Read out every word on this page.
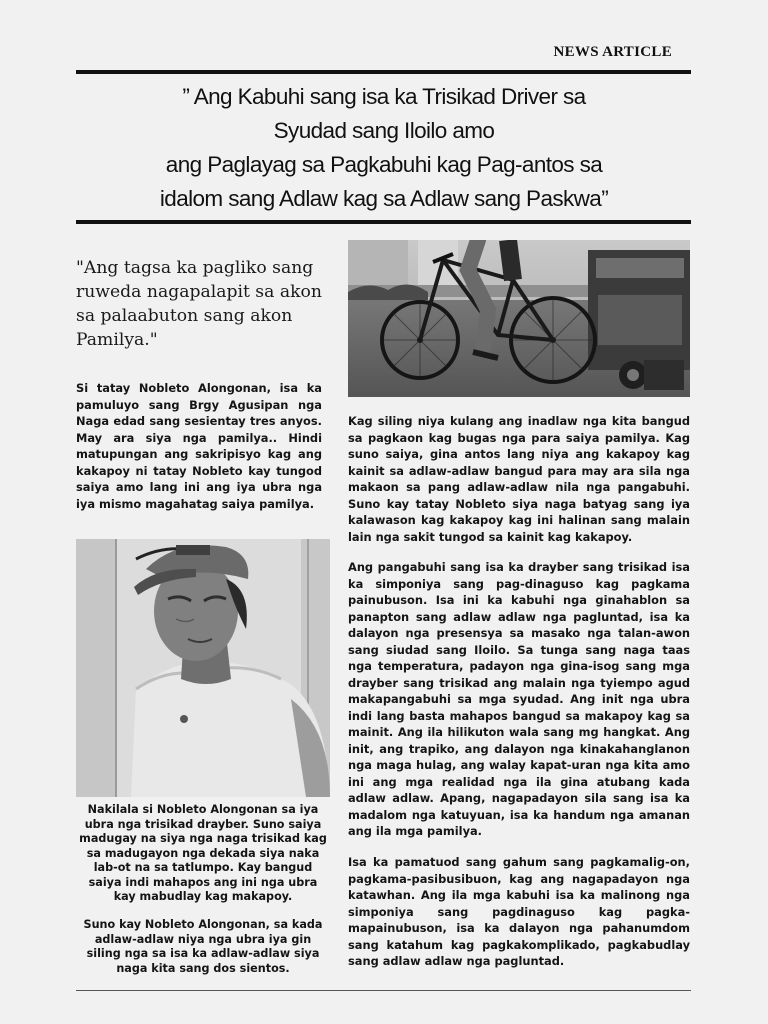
NEWS ARTICLE
” Ang Kabuhi sang isa ka Trisikad Driver sa
Syudad sang Iloilo amo
ang Paglayag sa Pagkabuhi kag Pag-antos sa
idalom sang Adlaw kag sa Adlaw sang Paskwa”
"Ang tagsa ka pagliko sang ruweda nagapalapit sa akon sa palaabuton sang akon Pamilya."
Si tatay Nobleto Alongonan, isa ka pamuluyo sang Brgy Agusipan nga Naga edad sang sesientay tres anyos. May ara siya nga pamilya.. Hindi matupungan ang sakripisyo kag ang kakapoy ni tatay Nobleto kay tungod saiya amo lang ini ang iya ubra nga iya mismo magahatag saiya pamilya.
Nakilala si Nobleto Alongonan sa iya ubra nga trisikad drayber. Suno saiya madugay na siya nga naga trisikad kag sa madugayon nga dekada siya naka lab-ot na sa tatlumpo. Kay bangud saiya indi mahapos ang ini nga ubra kay mabudlay kag makapoy.
Suno kay Nobleto Alongonan, sa kada adlaw-adlaw niya nga ubra iya gin siling nga sa isa ka adlaw-adlaw siya naga kita sang dos sientos.
Kag siling niya kulang ang inadlaw nga kita bangud sa pagkaon kag bugas nga para saiya pamilya. Kag suno saiya, gina antos lang niya ang kakapoy kag kainit sa adlaw-adlaw bangud para may ara sila nga makaon sa pang adlaw-adlaw nila nga pangabuhi. Suno kay tatay Nobleto siya naga batyag sang iya kalawason kag kakapoy kag ini halinan sang malain lain nga sakit tungod sa kainit kag kakapoy.
Ang pangabuhi sang isa ka drayber sang trisikad isa ka simponiya sang pag-dinaguso kag pagkama painubuson. Isa ini ka kabuhi nga ginahablon sa panapton sang adlaw adlaw nga pagluntad, isa ka dalayon nga presensya sa masako nga talan-awon sang siudad sang Iloilo. Sa tunga sang naga taas nga temperatura, padayon nga gina-isog sang mga drayber sang trisikad ang malain nga tyiempo agud makapangabuhi sa mga syudad. Ang init nga ubra indi lang basta mahapos bangud sa makapoy kag sa mainit. Ang ila hilikuton wala sang mg hangkat. Ang init, ang trapiko, ang dalayon nga kinakahanglanon nga maga hulag, ang walay kapat-uran nga kita amo ini ang mga realidad nga ila gina atubang kada adlaw adlaw. Apang, nagapadayon sila sang isa ka madalom nga katuyuan, isa ka handum nga amanan ang ila mga pamilya.
Isa ka pamatuod sang gahum sang pagkamalig-on, pagkama-pasibusibuon, kag ang nagapadayon nga katawhan. Ang ila mga kabuhi isa ka malinong nga simponiya sang pagdinaguso kag pagka-mapainubuson, isa ka dalayon nga pahanumdom sang katahum kag pagkakomplikado, pagkabudlay sang adlaw adlaw nga pagluntad.
